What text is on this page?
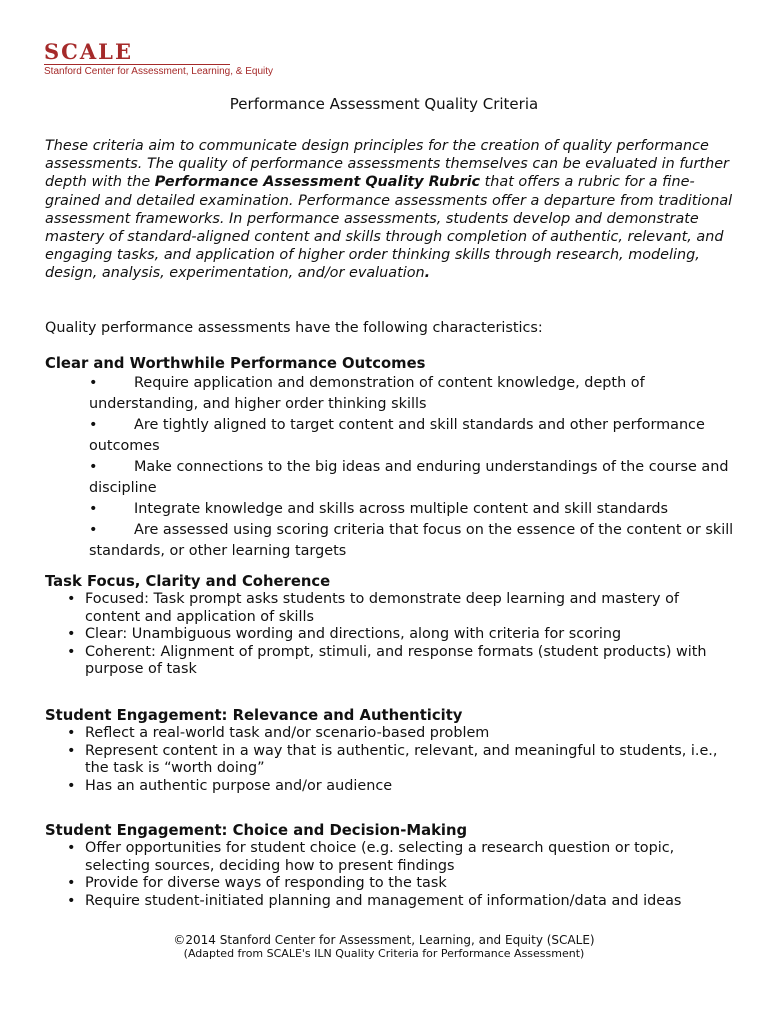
SCALE
Stanford Center for Assessment, Learning, & Equity
Performance Assessment Quality Criteria
These criteria aim to communicate design principles for the creation of quality performance assessments. The quality of performance assessments themselves can be evaluated in further depth with the Performance Assessment Quality Rubric that offers a rubric for a fine-grained and detailed examination. Performance assessments offer a departure from traditional assessment frameworks. In performance assessments, students develop and demonstrate mastery of standard-aligned content and skills through completion of authentic, relevant, and engaging tasks, and application of higher order thinking skills through research, modeling, design, analysis, experimentation, and/or evaluation.
Quality performance assessments have the following characteristics:
Clear and Worthwhile Performance Outcomes
•	Require application and demonstration of content knowledge, depth of understanding, and higher order thinking skills
•	Are tightly aligned to target content and skill standards and other performance outcomes
•	Make connections to the big ideas and enduring understandings of the course and discipline
•	Integrate knowledge and skills across multiple content and skill standards
•	Are assessed using scoring criteria that focus on the essence of the content or skill standards, or other learning targets
Task Focus, Clarity and Coherence
• Focused: Task prompt asks students to demonstrate deep learning and mastery of content and application of skills
• Clear: Unambiguous wording and directions, along with criteria for scoring
• Coherent: Alignment of prompt, stimuli, and response formats (student products) with purpose of task
Student Engagement: Relevance and Authenticity
• Reflect a real-world task and/or scenario-based problem
• Represent content in a way that is authentic, relevant, and meaningful to students, i.e., the task is “worth doing”
• Has an authentic purpose and/or audience
Student Engagement: Choice and Decision-Making
• Offer opportunities for student choice (e.g. selecting a research question or topic, selecting sources, deciding how to present findings
• Provide for diverse ways of responding to the task
• Require student-initiated planning and management of information/data and ideas
©2014 Stanford Center for Assessment, Learning, and Equity (SCALE)
(Adapted from SCALE's ILN Quality Criteria for Performance Assessment)
